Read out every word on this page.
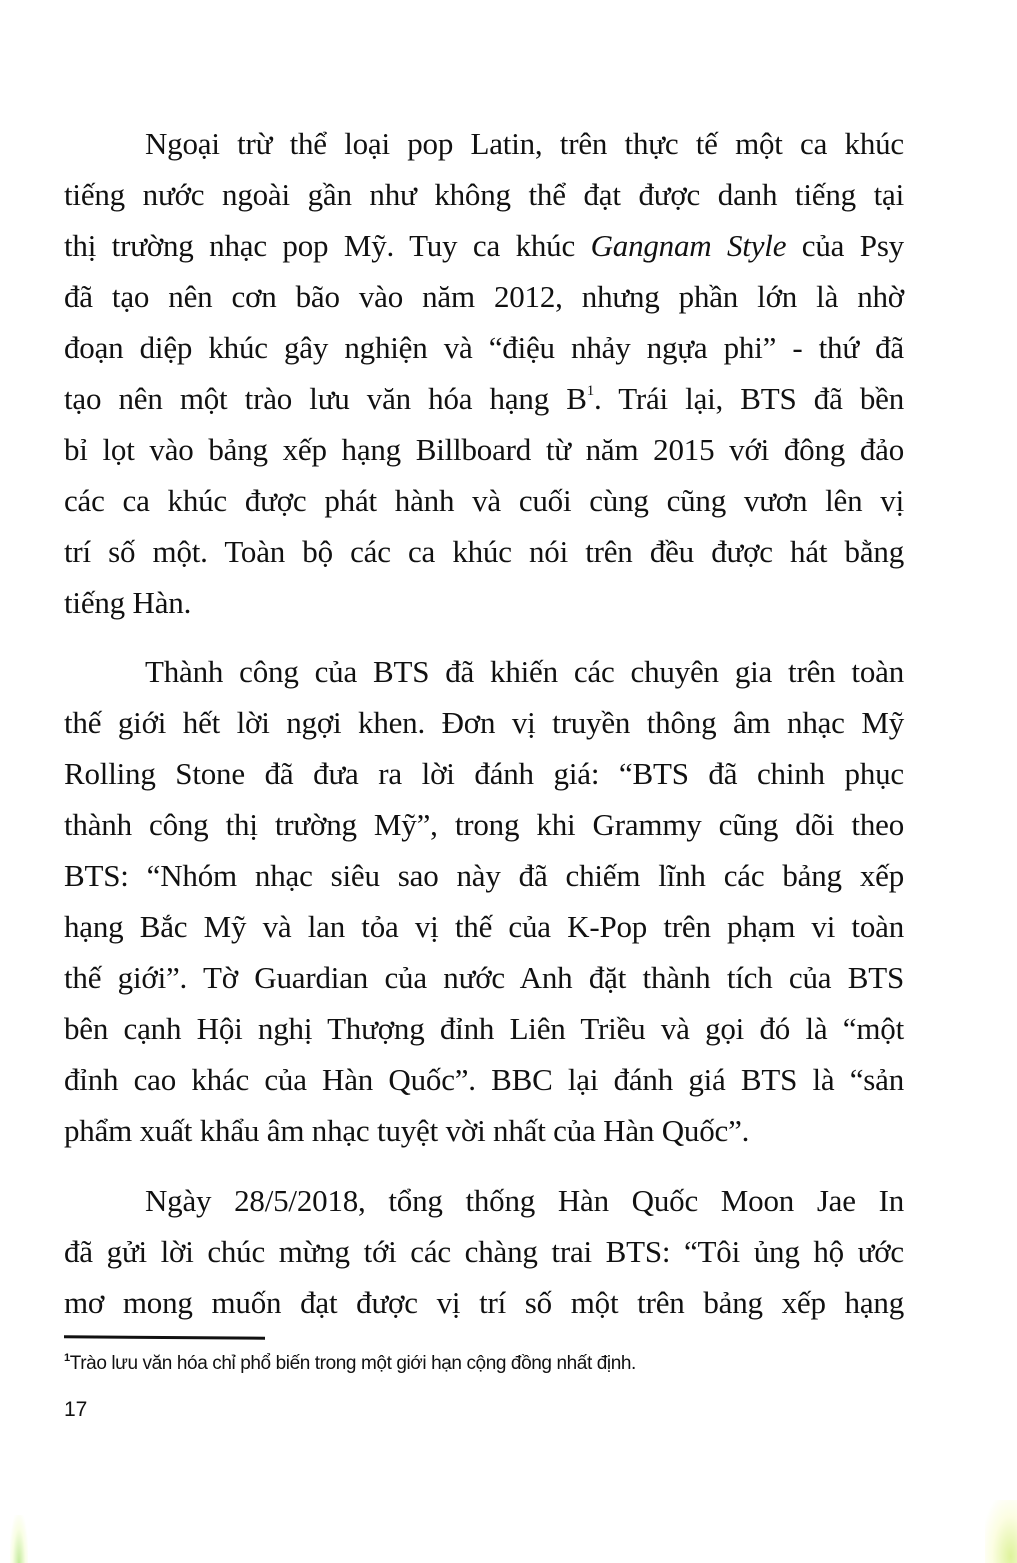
Ngoại trừ thể loại pop Latin, trên thực tế một ca khúc
tiếng nước ngoài gần như không thể đạt được danh tiếng tại
thị trường nhạc pop Mỹ. Tuy ca khúc Gangnam Style của Psy
đã tạo nên cơn bão vào năm 2012, nhưng phần lớn là nhờ
đoạn diệp khúc gây nghiện và “điệu nhảy ngựa phi” - thứ đã
tạo nên một trào lưu văn hóa hạng B$^1$. Trái lại, BTS đã bền
bỉ lọt vào bảng xếp hạng Billboard từ năm 2015 với đông đảo
các ca khúc được phát hành và cuối cùng cũng vươn lên vị
trí số một. Toàn bộ các ca khúc nói trên đều được hát bằng
tiếng Hàn.
Thành công của BTS đã khiến các chuyên gia trên toàn
thế giới hết lời ngợi khen. Đơn vị truyền thông âm nhạc Mỹ
Rolling Stone đã đưa ra lời đánh giá: “BTS đã chinh phục
thành công thị trường Mỹ”, trong khi Grammy cũng dõi theo
BTS: “Nhóm nhạc siêu sao này đã chiếm lĩnh các bảng xếp
hạng Bắc Mỹ và lan tỏa vị thế của K-Pop trên phạm vi toàn
thế giới”. Tờ Guardian của nước Anh đặt thành tích của BTS
bên cạnh Hội nghị Thượng đỉnh Liên Triều và gọi đó là “một
đỉnh cao khác của Hàn Quốc”. BBC lại đánh giá BTS là “sản
phẩm xuất khẩu âm nhạc tuyệt vời nhất của Hàn Quốc”.
Ngày 28/5/2018, tổng thống Hàn Quốc Moon Jae In
đã gửi lời chúc mừng tới các chàng trai BTS: “Tôi ủng hộ ước
mơ mong muốn đạt được vị trí số một trên bảng xếp hạng
$^1$Trào lưu văn hóa chỉ phổ biến trong một giới hạn cộng đồng nhất định.
17
